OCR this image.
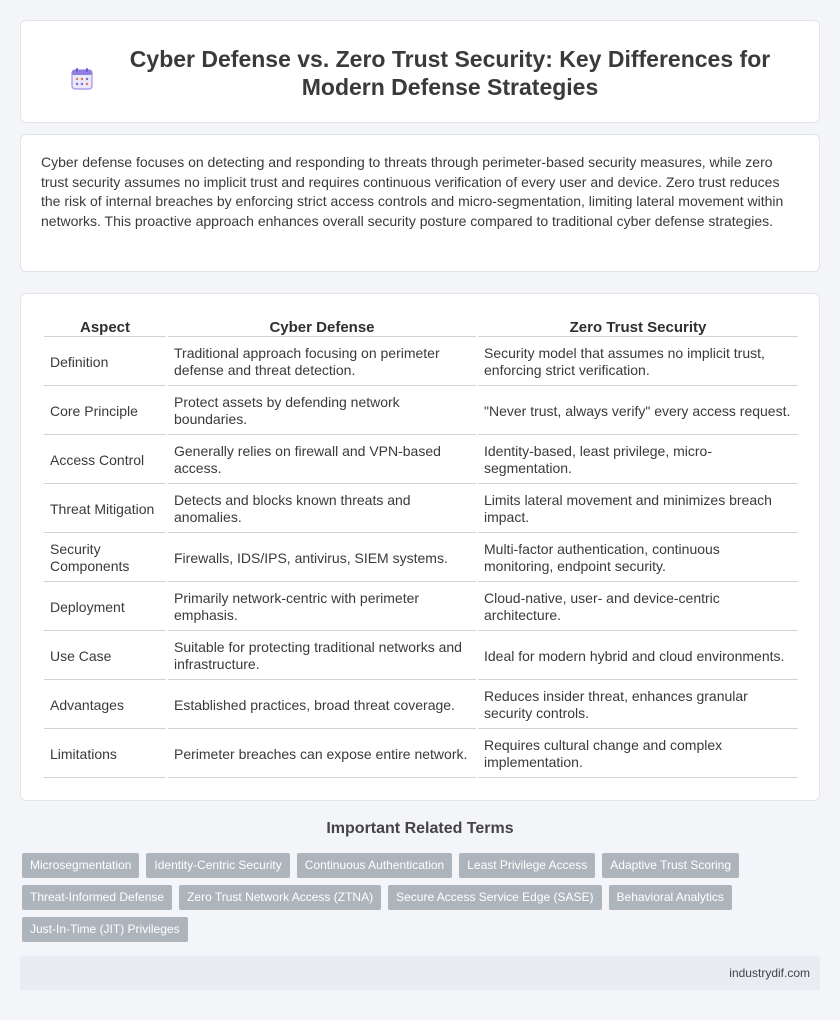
Cyber Defense vs. Zero Trust Security: Key Differences for Modern Defense Strategies

Cyber defense focuses on detecting and responding to threats through perimeter-based security measures, while zero trust security assumes no implicit trust and requires continuous verification of every user and device. Zero trust reduces the risk of internal breaches by enforcing strict access controls and micro-segmentation, limiting lateral movement within networks. This proactive approach enhances overall security posture compared to traditional cyber defense strategies.

Aspect	Cyber Defense	Zero Trust Security
Definition	Traditional approach focusing on perimeter defense and threat detection.	Security model that assumes no implicit trust, enforcing strict verification.
Core Principle	Protect assets by defending network boundaries.	"Never trust, always verify" every access request.
Access Control	Generally relies on firewall and VPN-based access.	Identity-based, least privilege, micro-segmentation.
Threat Mitigation	Detects and blocks known threats and anomalies.	Limits lateral movement and minimizes breach impact.
Security Components	Firewalls, IDS/IPS, antivirus, SIEM systems.	Multi-factor authentication, continuous monitoring, endpoint security.
Deployment	Primarily network-centric with perimeter emphasis.	Cloud-native, user- and device-centric architecture.
Use Case	Suitable for protecting traditional networks and infrastructure.	Ideal for modern hybrid and cloud environments.
Advantages	Established practices, broad threat coverage.	Reduces insider threat, enhances granular security controls.
Limitations	Perimeter breaches can expose entire network.	Requires cultural change and complex implementation.
Important Related Terms
Microsegmentation	Identity-Centric Security	Continuous Authentication	Least Privilege Access	Adaptive Trust Scoring
Threat-Informed Defense	Zero Trust Network Access (ZTNA)	Secure Access Service Edge (SASE)	Behavioral Analytics
Just-In-Time (JIT) Privileges
industrydif.com
